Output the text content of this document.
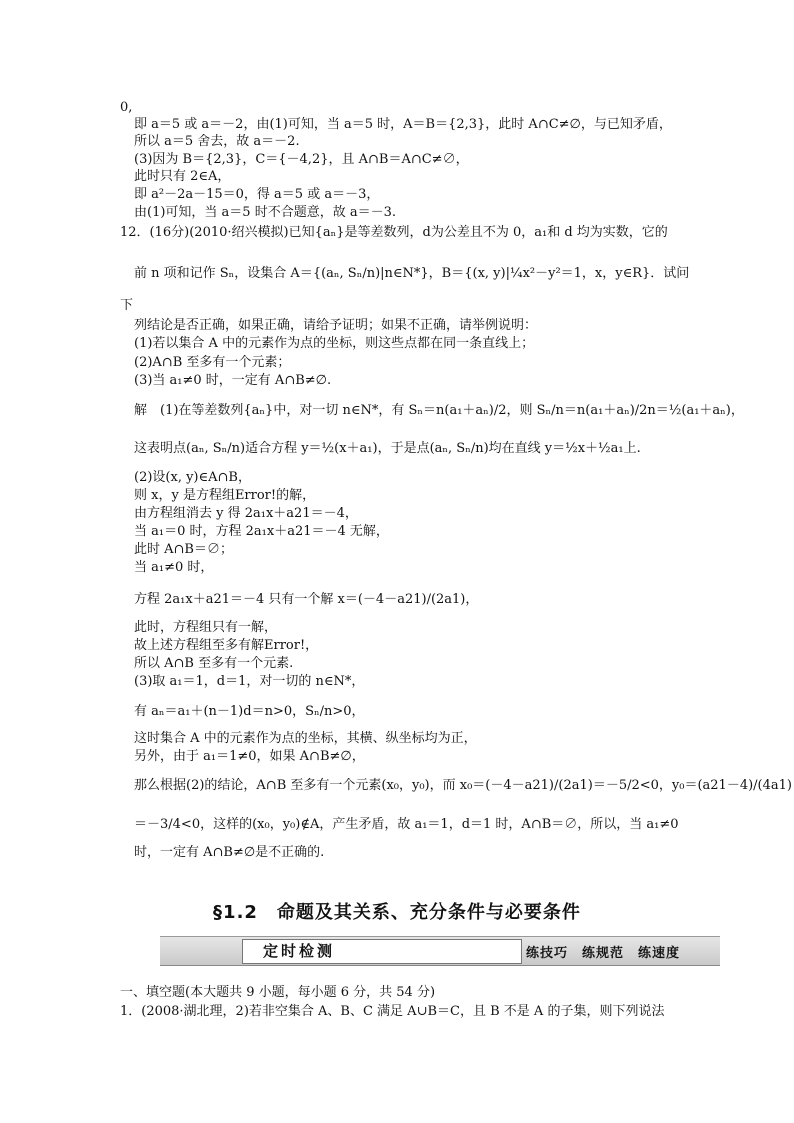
0,
即 a＝5 或 a＝－2，由(1)可知，当 a＝5 时，A＝B＝{2,3}，此时 A∩C≠∅，与已知矛盾，
所以 a＝5 舍去，故 a＝－2.
(3)因为 B＝{2,3}，C＝{－4,2}，且 A∩B＝A∩C≠∅，
此时只有 2∈A，
即 a²－2a－15＝0，得 a＝5 或 a＝－3，
由(1)可知，当 a＝5 时不合题意，故 a＝－3.
12．(16分)(2010·绍兴模拟)已知{aₙ}是等差数列，d为公差且不为 0，a₁和 d 均为实数，它的
前 n 项和记作 Sₙ，设集合 A＝{(aₙ, Sₙ/n)|n∈N*}，B＝{(x, y)|¼x²－y²＝1，x，y∈R}．试问
下
列结论是否正确，如果正确，请给予证明；如果不正确，请举例说明：
(1)若以集合 A 中的元素作为点的坐标，则这些点都在同一条直线上；
(2)A∩B 至多有一个元素；
(3)当 a₁≠0 时，一定有 A∩B≠∅.
解　(1)在等差数列{aₙ}中，对一切 n∈N*，有 Sₙ＝n(a₁＋aₙ)/2，则 Sₙ/n＝n(a₁＋aₙ)/2n＝½(a₁＋aₙ)，
这表明点(aₙ, Sₙ/n)适合方程 y＝½(x＋a₁)，于是点(aₙ, Sₙ/n)均在直线 y＝½x＋½a₁上.
(2)设(x, y)∈A∩B，
则 x，y 是方程组Error!的解，
由方程组消去 y 得 2a₁x＋a21＝－4，
当 a₁＝0 时，方程 2a₁x＋a21＝－4 无解，
此时 A∩B＝∅；
当 a₁≠0 时，
方程 2a₁x＋a21＝－4 只有一个解 x＝(－4－a21)/(2a1)，
此时，方程组只有一解，
故上述方程组至多有解Error!，
所以 A∩B 至多有一个元素.
(3)取 a₁＝1，d＝1，对一切的 n∈N*，
有 aₙ＝a₁＋(n－1)d＝n>0，Sₙ/n>0，
这时集合 A 中的元素作为点的坐标，其横、纵坐标均为正，
另外，由于 a₁＝1≠0，如果 A∩B≠∅，
那么根据(2)的结论，A∩B 至多有一个元素(x₀，y₀)，而 x₀＝(－4－a21)/(2a1)＝－5/2<0，y₀＝(a21－4)/(4a1)
＝－3/4<0，这样的(x₀，y₀)∉A，产生矛盾，故 a₁＝1，d＝1 时，A∩B＝∅，所以，当 a₁≠0
时，一定有 A∩B≠∅是不正确的.
§1.2　命题及其关系、充分条件与必要条件
定时检测	练技巧　练规范　练速度
一、填空题(本大题共 9 小题，每小题 6 分，共 54 分)
1．(2008·湖北理，2)若非空集合 A、B、C 满足 A∪B＝C，且 B 不是 A 的子集，则下列说法
